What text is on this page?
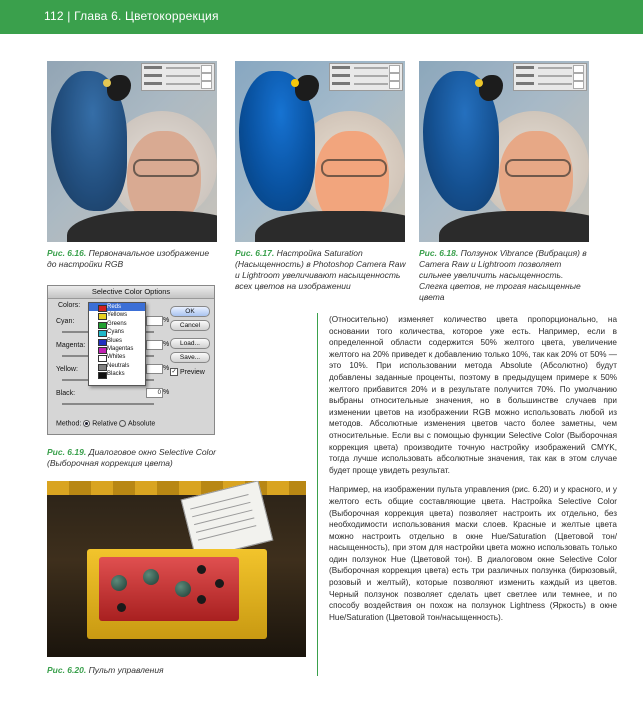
112 | Глава 6. Цветокоррекция
Рис. 6.16. Первоначальное изображение до настройки RGB
Рис. 6.17. Настройка Saturation (Насыщенность) в Photoshop Camera Raw и Lightroom увеличивают насыщенность всех цветов на изображении
Рис. 6.18. Ползунок Vibrance (Вибрация) в Camera Raw и Lightroom позволяет сильнее увеличить насыщенность. Слегка цветов, не трогая насыщенные цвета
Selective Color Options
Colors:
Cyan:	%
Magenta:	%
Yellow:	%
Black:	0 %
Reds
Yellows
Greens
Cyans
Blues
Magentas
Whites
Neutrals
Blacks
OK
Cancel
Load...
Save...
✓ Preview
Method: Relative Absolute
Рис. 6.19. Диалоговое окно Selective Color (Выборочная коррекция цвета)
Рис. 6.20. Пульт управления

(Относительно) изменяет количество цвета пропорционально, на основании того количества, которое уже есть. Например, если в определенной области содержится 50% желтого цвета, увеличение желтого на 20% приведет к добавлению только 10%, так как 20% от 50% — это 10%. При использовании метода Absolute (Абсолютно) будут добавлены заданные проценты, поэтому в предыдущем примере к 50% желтого прибавится 20% и в результате получится 70%. По умолчанию выбраны относительные значения, но в большинстве случаев при изменении цветов на изображении RGB можно использовать любой из методов. Абсолютные изменения цветов часто более заметны, чем относительные. Если вы с помощью функции Selective Color (Выборочная коррекция цвета) производите точную настройку изображений CMYK, тогда лучше использовать абсолютные значения, так как в этом случае будет проще увидеть результат.

Например, на изображении пульта управления (рис. 6.20) и у красного, и у желтого есть общие составляющие цвета. Настройка Selective Color (Выборочная коррекция цвета) позволяет настроить их отдельно, без необходимости использования маски слоев. Красные и желтые цвета можно настроить отдельно в окне Hue/Saturation (Цветовой тон/насыщенность), при этом для настройки цвета можно использовать только один ползунок Hue (Цветовой тон). В диалоговом окне Selective Color (Выборочная коррекция цвета) есть три различных ползунка (бирюзовый, розовый и желтый), которые позволяют изменить каждый из цветов. Черный ползунок позволяет сделать цвет светлее или темнее, и по способу воздействия он похож на ползунок Lightness (Яркость) в окне Hue/Saturation (Цветовой тон/насыщенность).
